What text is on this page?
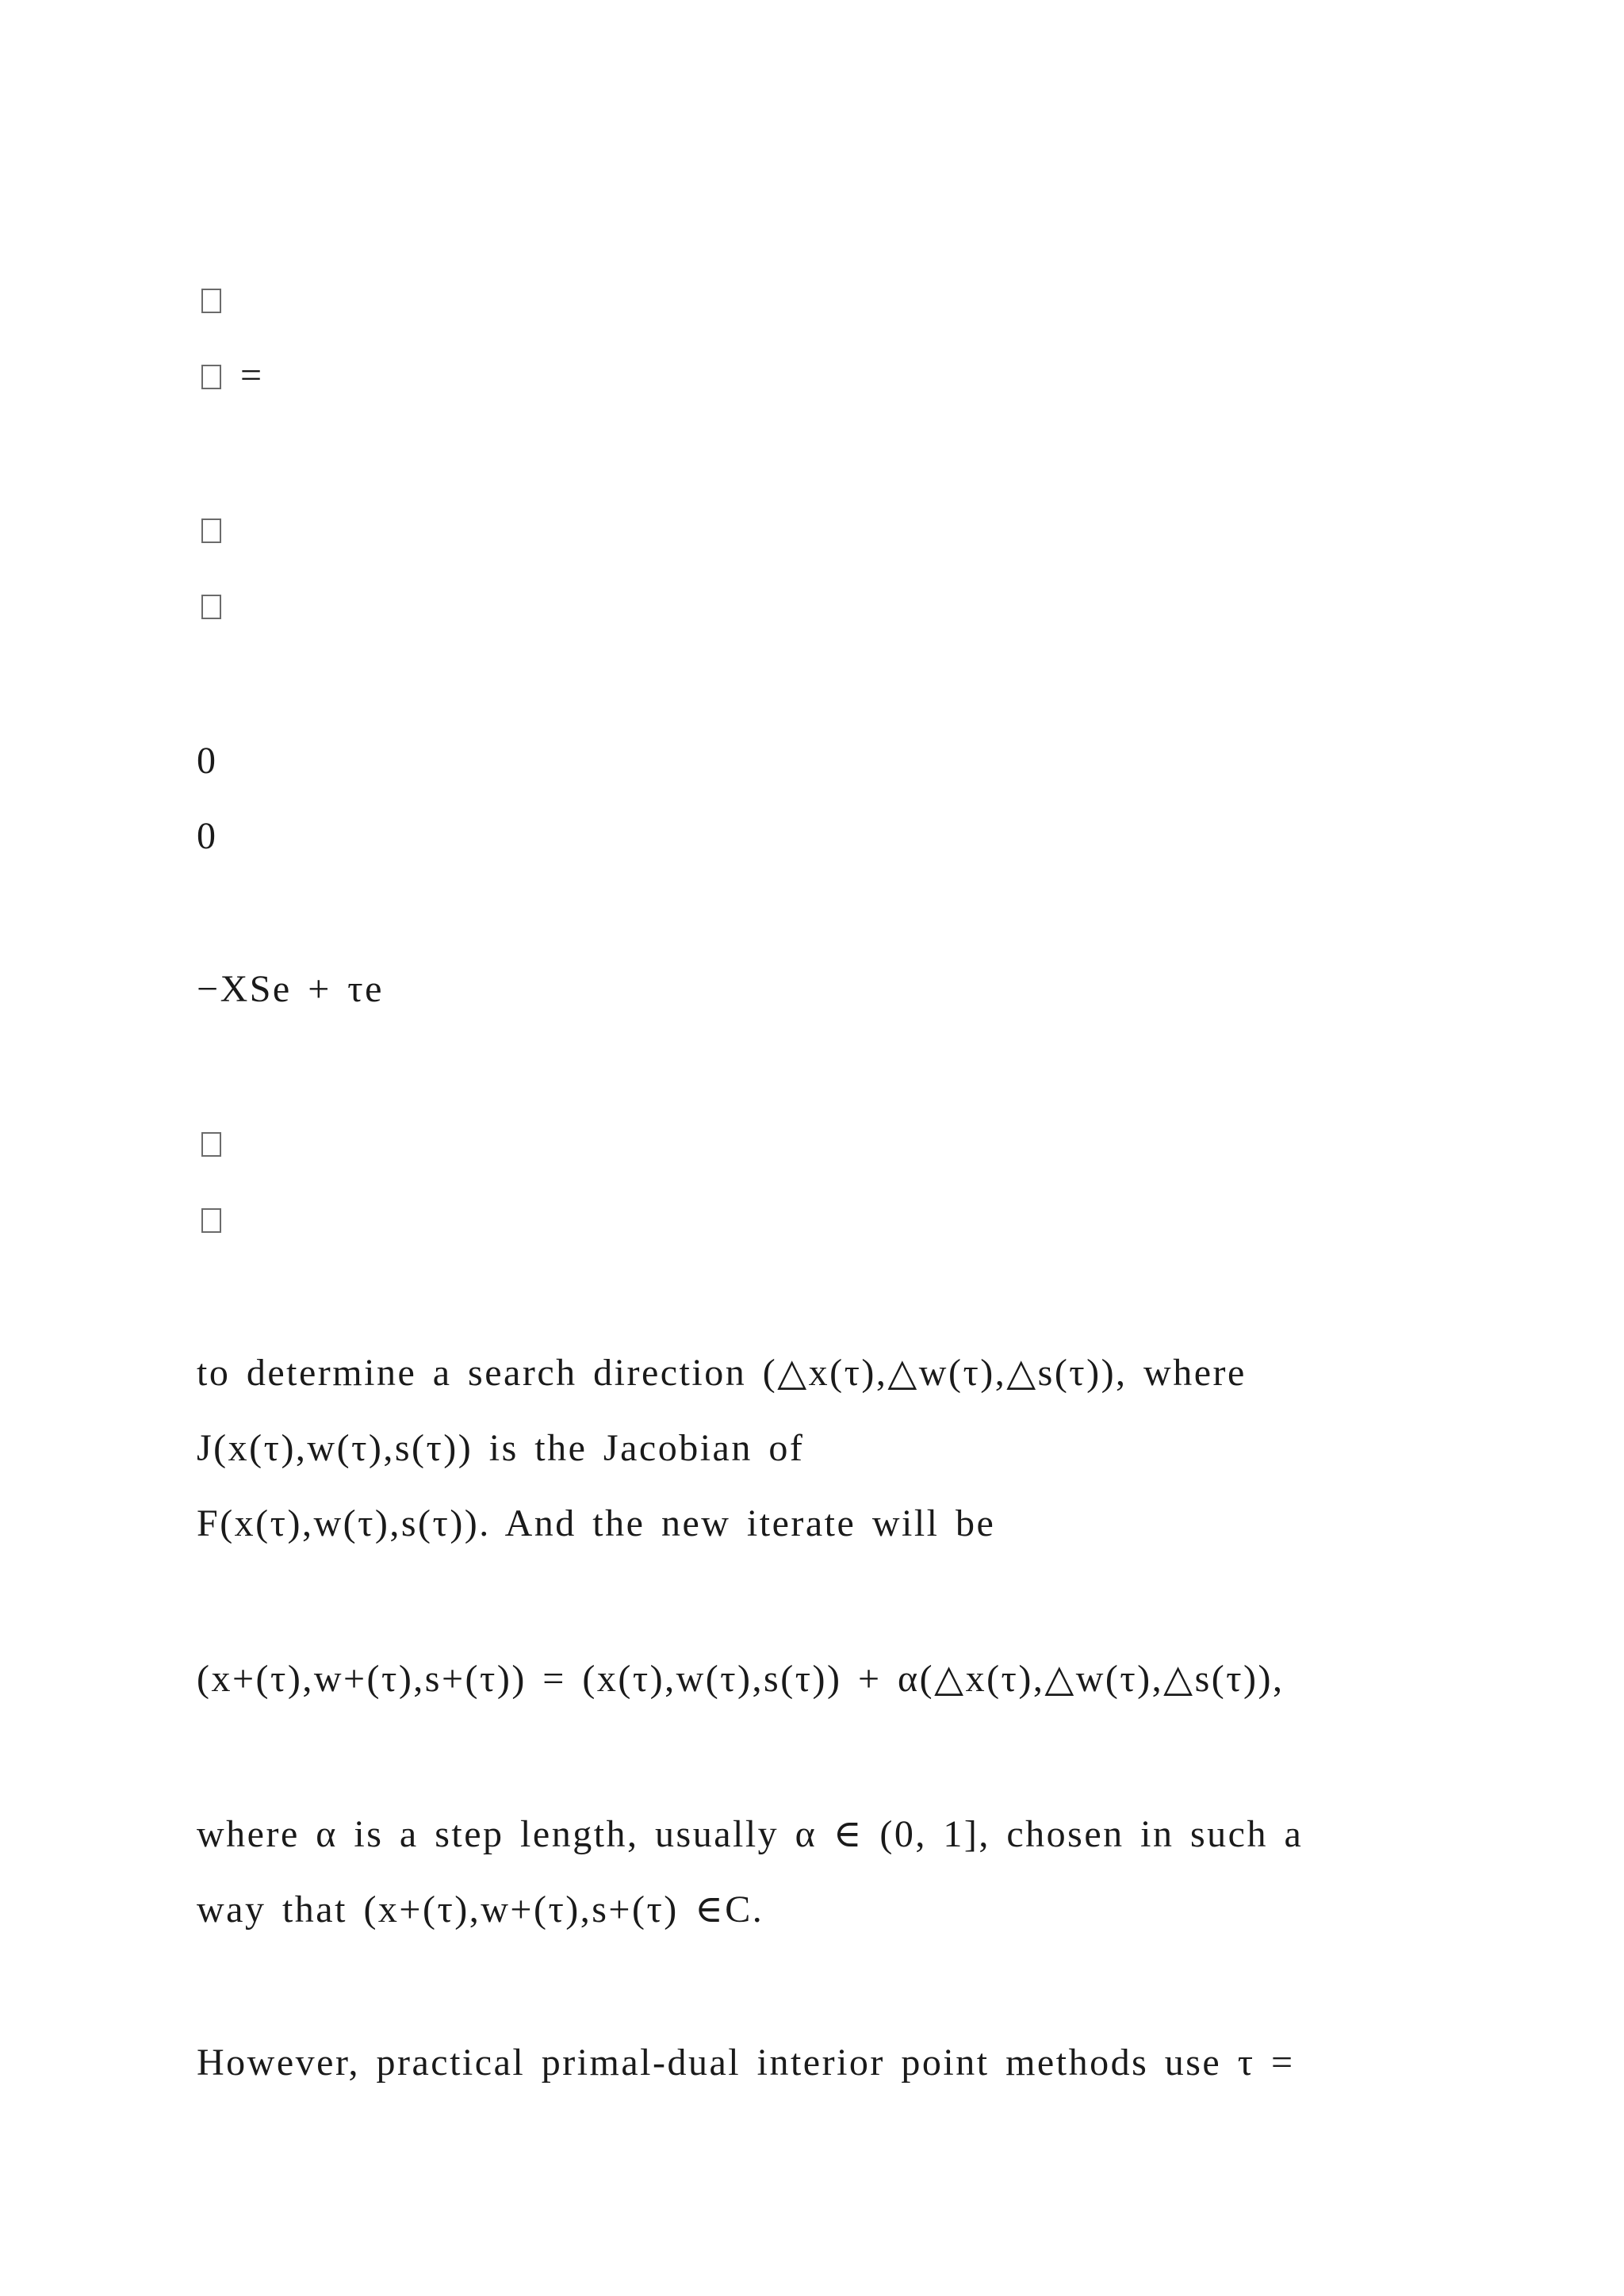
=
0
0
−XSe + τe
to determine a search direction (△x(τ),△w(τ),△s(τ)), where
J(x(τ),w(τ),s(τ)) is the Jacobian of
F(x(τ),w(τ),s(τ)). And the new iterate will be
(x+(τ),w+(τ),s+(τ)) = (x(τ),w(τ),s(τ)) + α(△x(τ),△w(τ),△s(τ)),
where α is a step length, usually α ∈ (0, 1], chosen in such a
way that (x+(τ),w+(τ),s+(τ) ∈C.
However, practical primal-dual interior point methods use τ =
